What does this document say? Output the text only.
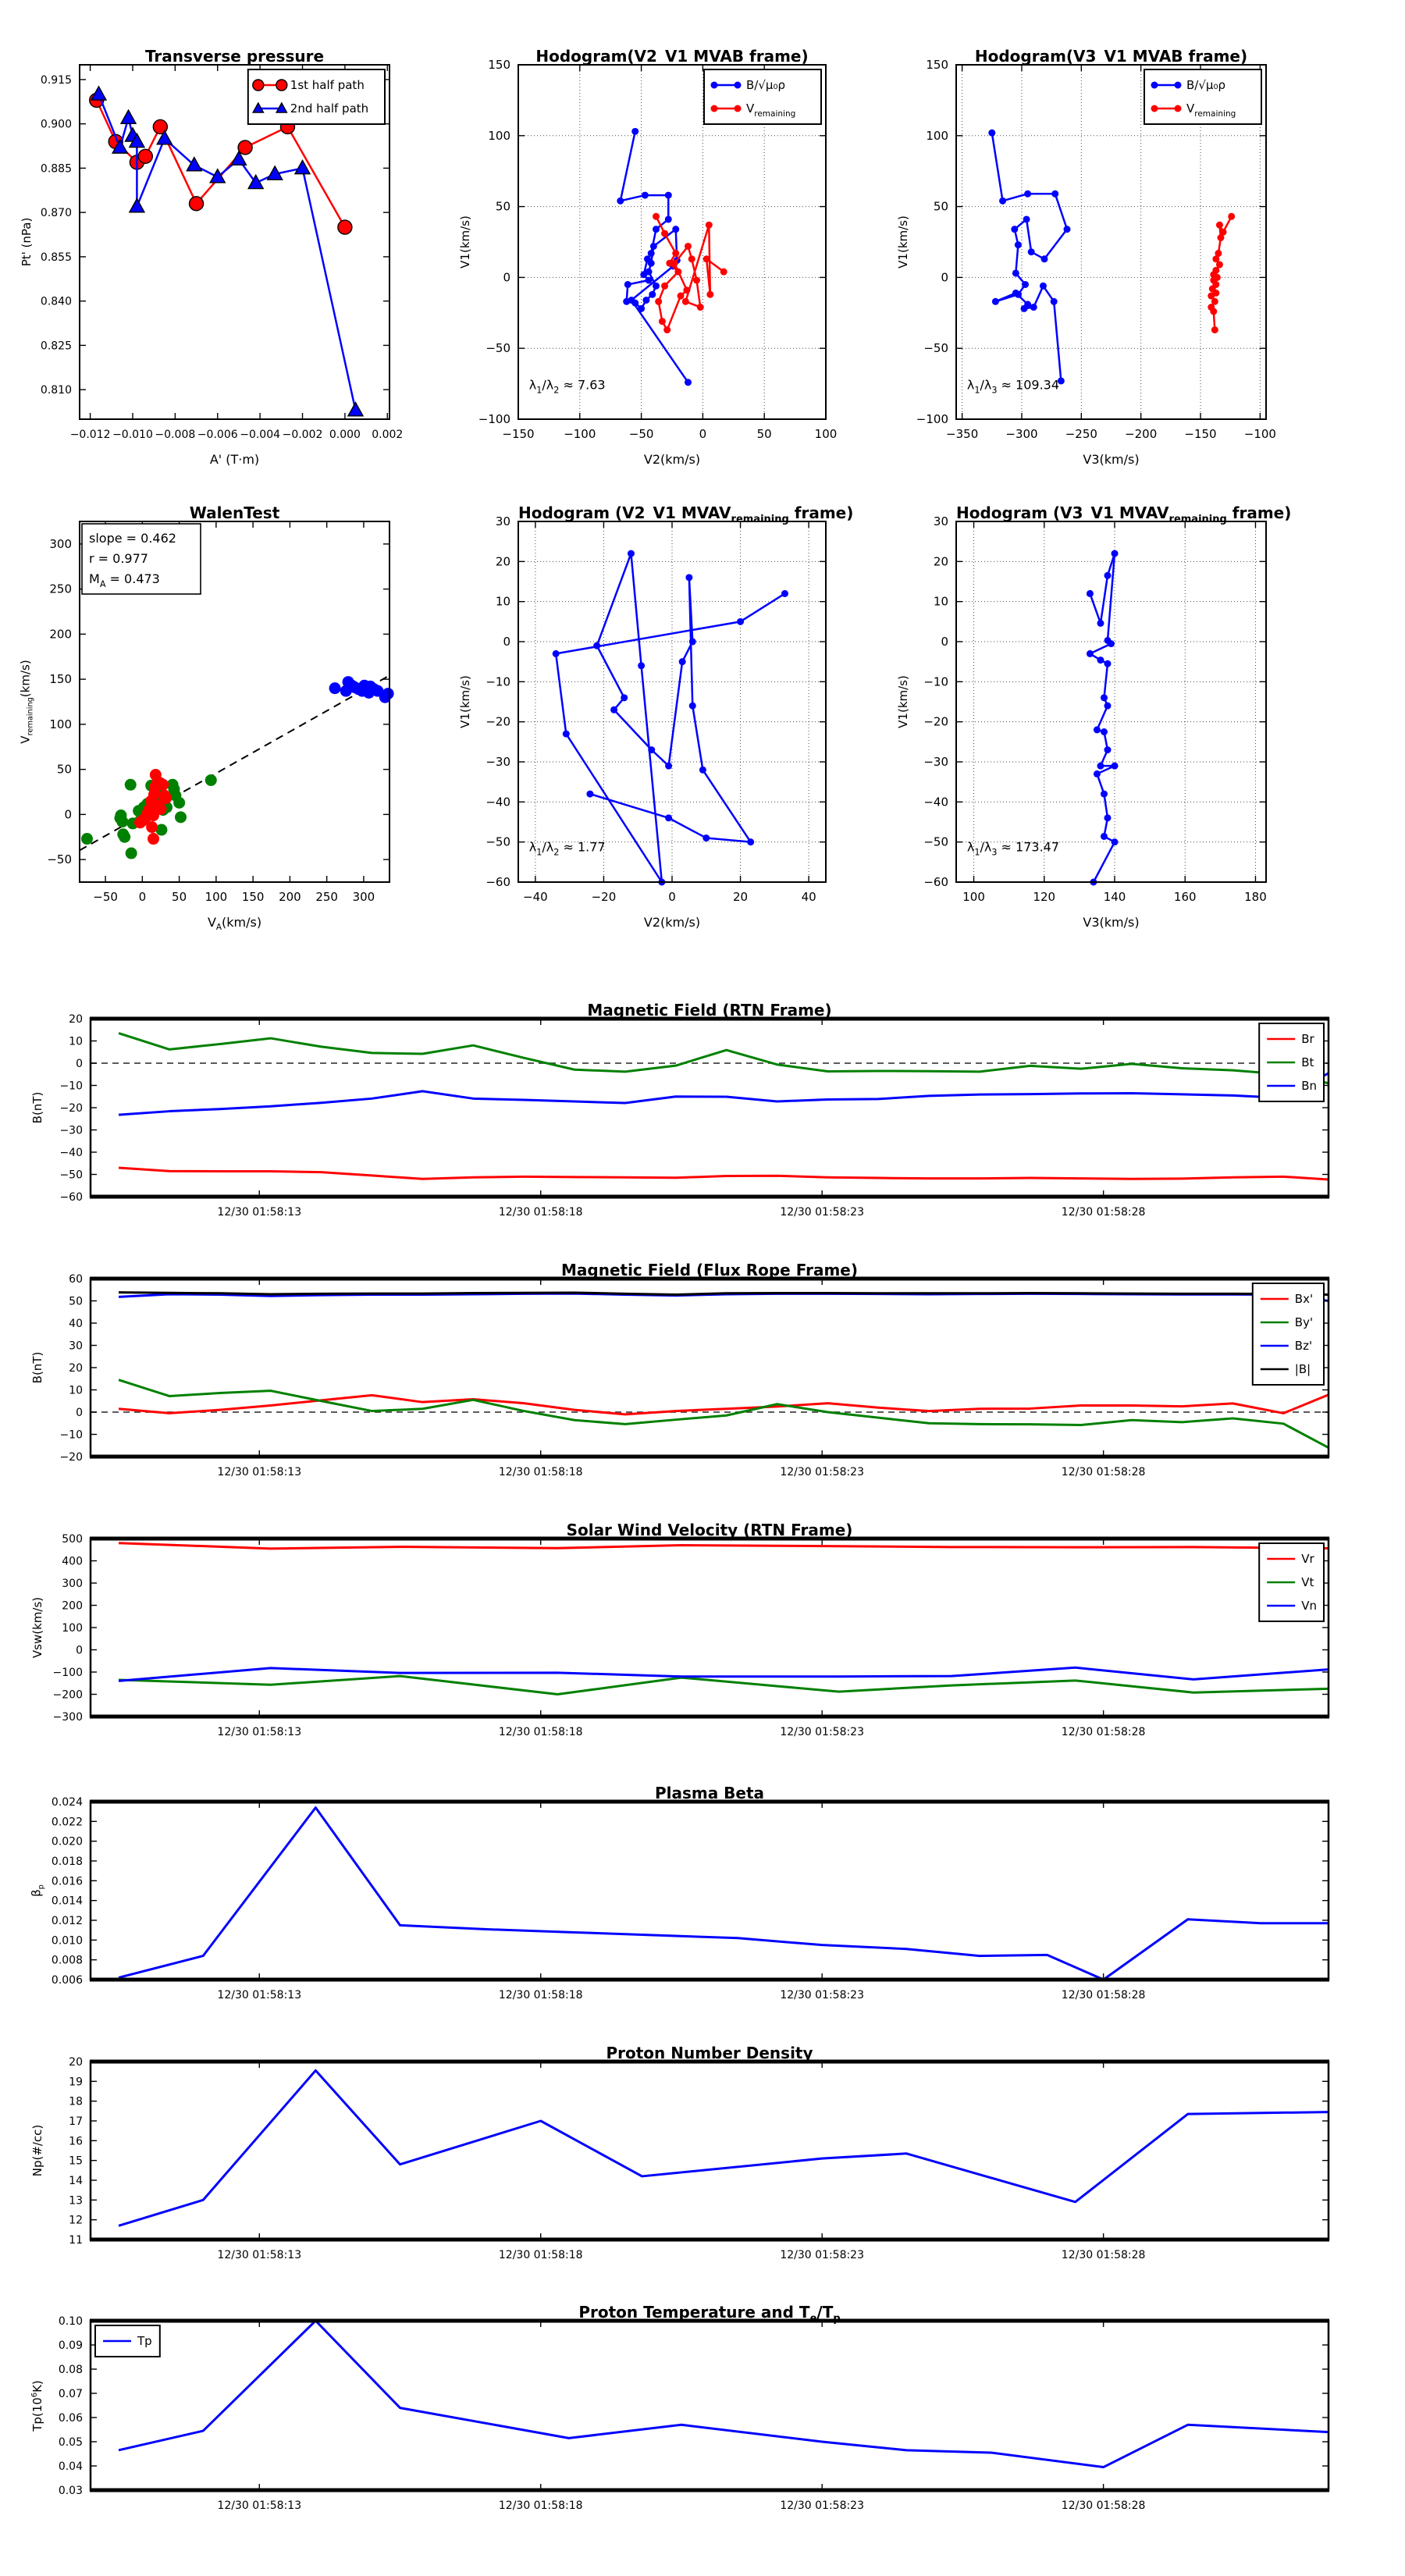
Transverse pressure
Pt' (nPa)
A' (T·m)
−0.012 −0.010 −0.008 −0.006 −0.004 −0.002 0.000 0.002
0.810
0.825
0.840
0.855
0.870
0.885
0.900
0.915	1st half path
2nd half path
Hodogram(V2_V1 MVAB frame)
V1(km/s)
V2(km/s)
−150	−100	−50	0	50	100
−100
−50
0
50
100
150
$\lambda_1/\lambda_2 \approx 7.63$
B/√μ₀ρ
$V_{remaining}$
Hodogram(V3_V1 MVAB frame)
V1(km/s)
V3(km/s)
−350 −300 −250 −200 −150 −100
−100
−50
0
50
100
150
$\lambda_1/\lambda_3 \approx 109.34$
B/√μ₀ρ
$V_{remaining}$
WalenTest
$V_{remaining}(km/s)$
$V_A(km/s)$
−50 0 50 100 150 200 250 300
−50
0
50
100
150
200
250
300 slope = 0.462
r = 0.977
$M_A = 0.473$
Hodogram (V2_V1 $MVAV_{remaining}$ frame)
V1(km/s)
V2(km/s)
−40	−20	0	20	40
−60
−50
−40
−30
−20
−10
0
10
20
30
$\lambda_1/\lambda_2 \approx 1.77$
Hodogram (V3_V1 $MVAV_{remaining}$ frame)
V1(km/s)
V3(km/s)
100	120	140	160	180
−60
−50
−40
−30
−20
−10
0
10
20
30
$\lambda_1/\lambda_3 \approx 173.47$
Magnetic Field (RTN Frame)
B(nT)
12/30 01:58:13	12/30 01:58:18	12/30 01:58:23	12/30 01:58:28
−60
−50
−40
−30
−20
−10
0
10
20
Br
Bt
Bn
Magnetic Field (Flux Rope Frame)
B(nT)
12/30 01:58:13	12/30 01:58:18	12/30 01:58:23	12/30 01:58:28
−20
−10
0
10
20
30
40
50
60
Bx'
By'
Bz'
|B|
Solar Wind Velocity (RTN Frame)
Vsw(km/s)
12/30 01:58:13	12/30 01:58:18	12/30 01:58:23	12/30 01:58:28
−300
−200
−100
0
100
200
300
400
500
Vr
Vt
Vn
Plasma Beta
$\beta_p$
12/30 01:58:13	12/30 01:58:18	12/30 01:58:23	12/30 01:58:28
0.006
0.008
0.010
0.012
0.014
0.016
0.018
0.020
0.022
0.024
Proton Number Density
Np(#/cc)
12/30 01:58:13	12/30 01:58:18	12/30 01:58:23	12/30 01:58:28
11
12
13
14
15
16
17
18
19
20
Proton Temperature and $T_e/T_p$
$Tp(10^6K)$
12/30 01:58:13	12/30 01:58:18	12/30 01:58:23	12/30 01:58:28
0.03
0.04
0.05
0.06
0.07
0.08
0.09
0.10
Tp
